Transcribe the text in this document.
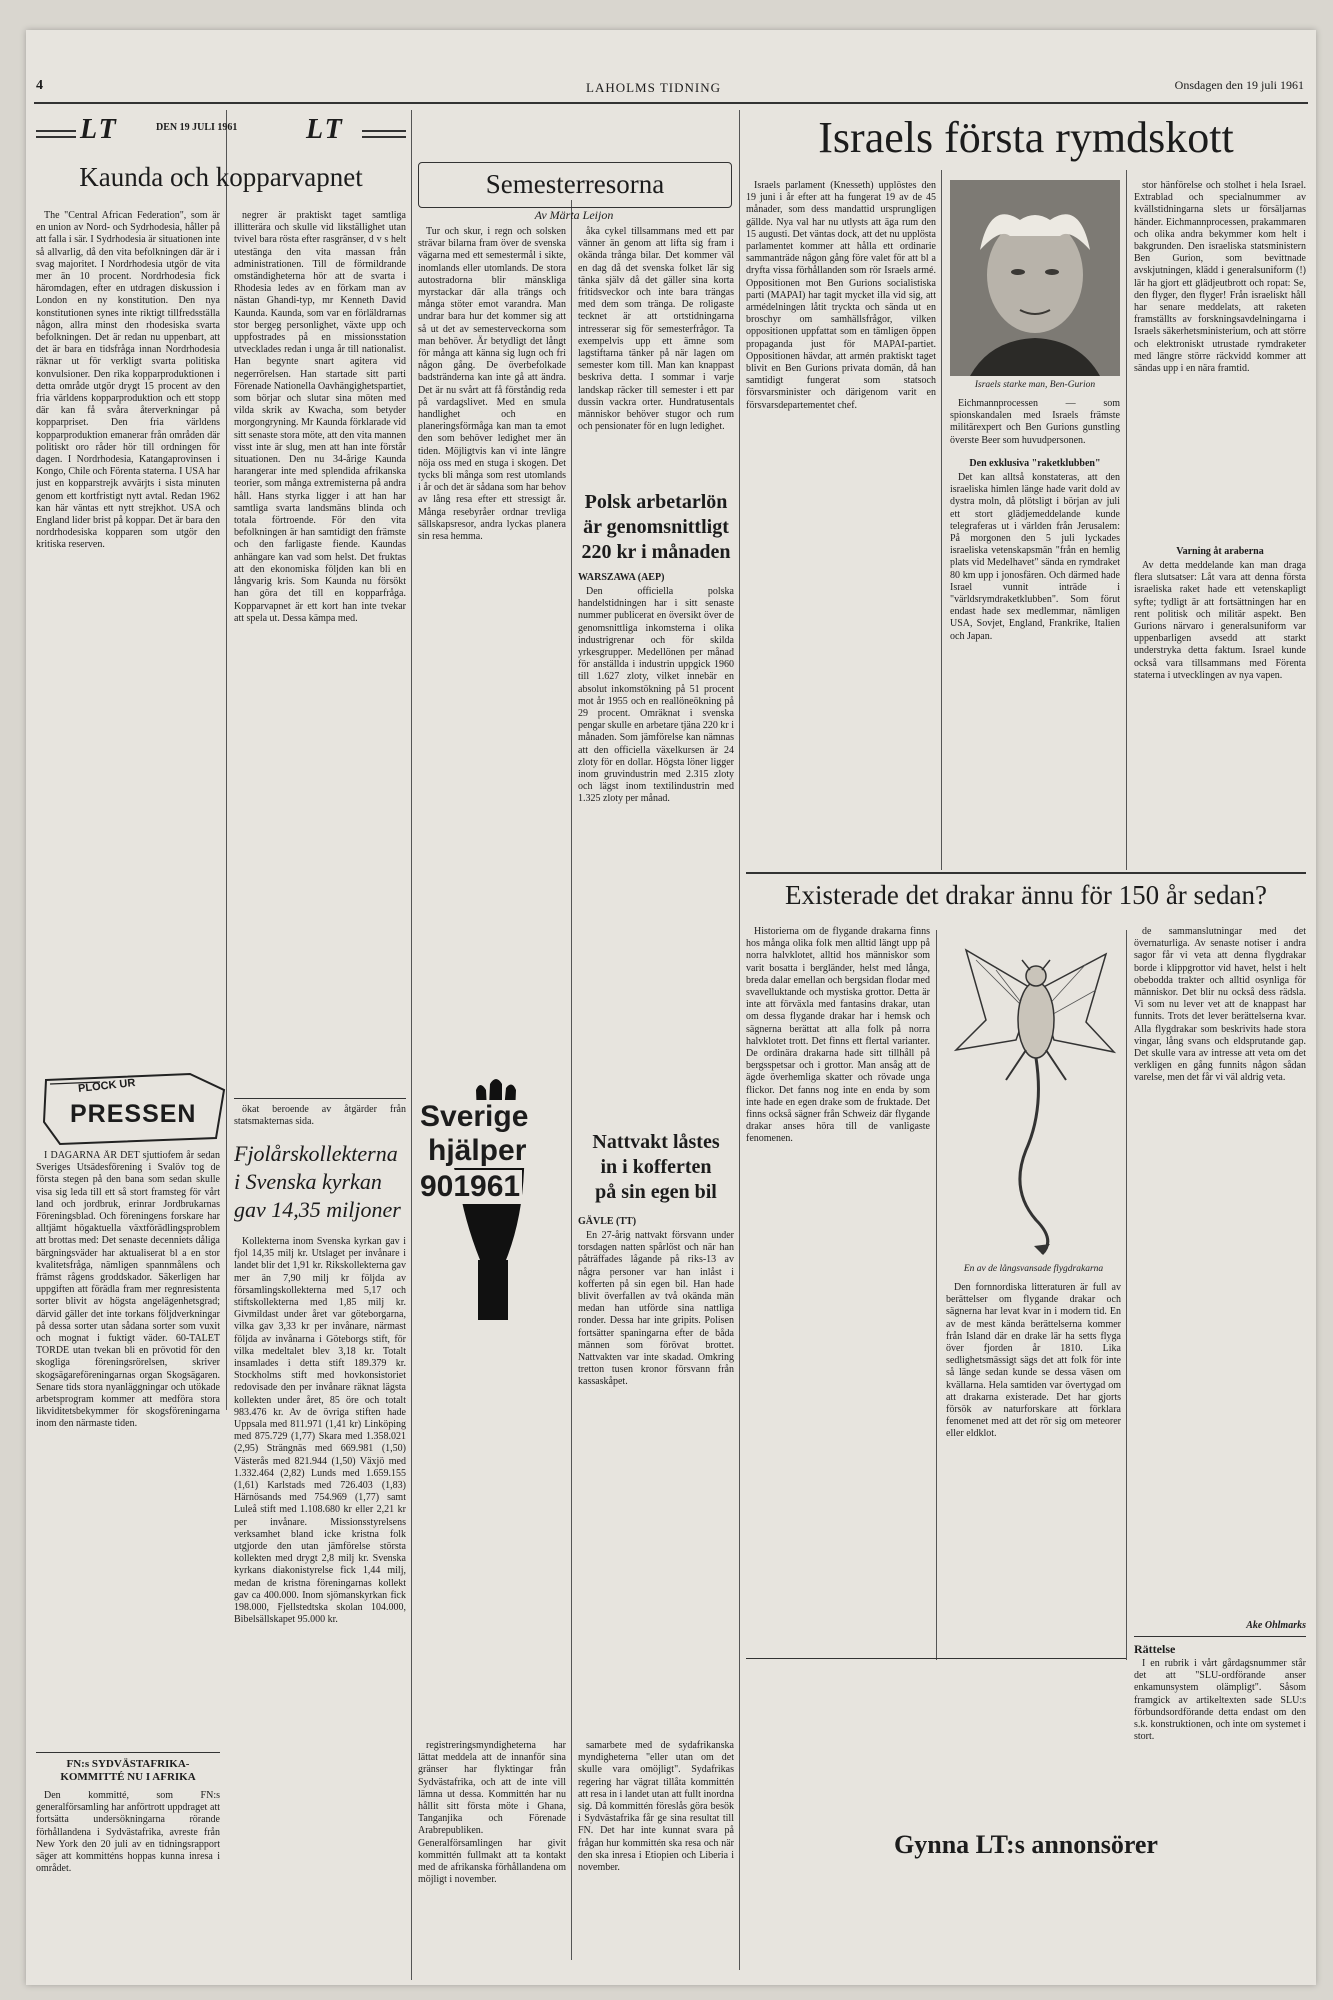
4	LAHOLMS TIDNING	Onsdagen den 19 juli 1961
LT	DEN 19 JULI 1961 LT
Kaunda och kopparvapnet

The "Central African Federation", som är en union av Nord- och Sydrhodesia, håller på att falla i sär. I Sydrhodesia är situationen inte så allvarlig, då den vita befolkningen där är i svag majoritet. I Nordrhodesia utgör de vita mer än 10 procent. Nordrhodesia fick häromdagen, efter en utdragen diskussion i London en ny konstitution. Den nya konstitutionen synes inte riktigt tillfredsställa någon, allra minst den rhodesiska svarta befolkningen. Det är redan nu uppenbart, att det är bara en tidsfråga innan Nordrhodesia räknar ut för verkligt svarta politiska konvulsioner. Den rika kopparproduktionen i detta område utgör drygt 15 procent av den fria världens kopparproduktion och ett stopp där kan få svåra återverkningar på kopparpriset. Den fria världens kopparproduktion emanerar från områden där politiskt oro råder hör till ordningen för dagen. I Nordrhodesia, Katangaprovinsen i Kongo, Chile och Förenta staterna. I USA har just en kopparstrejk avvärjts i sista minuten genom ett kortfristigt nytt avtal. Redan 1962 kan här väntas ett nytt strejkhot. USA och England lider brist på koppar. Det är bara den nordrhodesiska kopparen som utgör den kritiska reserven.

negrer är praktiskt taget samtliga illitterära och skulle vid likställighet utan tvivel bara rösta efter rasgränser, d v s helt utestänga den vita massan från administrationen. Till de förmildrande omständigheterna hör att de svarta i Rhodesia ledes av en förkam man av nästan Ghandi-typ, mr Kenneth David Kaunda. Kaunda, som var en förläldrarnas stor bergeg personlighet, växte upp och uppfostrades på en missionsstation utvecklades redan i unga år till nationalist. Han begynte snart agitera vid negerrörelsen. Han startade sitt parti Förenade Nationella Oavhängighetspartiet, som börjar och slutar sina möten med vilda skrik av Kwacha, som betyder morgongryning. Mr Kaunda förklarade vid sitt senaste stora möte, att den vita mannen visst inte är slug, men att han inte förstår situationen. Den nu 34-årige Kaunda harangerar inte med splendida afrikanska teorier, som många extremisterna på andra håll. Hans styrka ligger i att han har samtliga svarta landsmäns blinda och totala förtroende. För den vita befolkningen är han samtidigt den främste och den farligaste fiende. Kaundas anhängare kan vad som helst. Det fruktas att den ekonomiska följden kan bli en långvarig kris. Som Kaunda nu försökt han göra det till en kopparfråga. Kopparvapnet är ett kort han inte tvekar att spela ut. Dessa kämpa med.

PLOCK UR
PRESSEN

I DAGARNA ÄR DET sjuttiofem år sedan Sveriges Utsädesförening i Svalöv tog de första stegen på den bana som sedan skulle visa sig leda till ett så stort framsteg för vårt land och jordbruk, erinrar Jordbrukarnas Föreningsblad. Och föreningens forskare har alltjämt högaktuella växtförädlingsproblem att brottas med: Det senaste decenniets dåliga bärgningsväder har aktualiserat bl a en stor kvalitetsfråga, nämligen spannmålens och främst rågens groddskador. Säkerligen har uppgiften att förädla fram mer regnresistenta sorter blivit av högsta angelägenhetsgrad; därvid gäller det inte torkans följdverkningar på dessa sorter utan sådana sorter som vuxit och mognat i fuktigt väder. 60-TALET TORDE utan tvekan bli en prövotid för den skogliga föreningsrörelsen, skriver skogsägareföreningarnas organ Skogsägaren. Senare tids stora nyanläggningar och utökade arbetsprogram kommer att medföra stora likviditetsbekymmer för skogsföreningarna inom den närmaste tiden.

FN:s SYDVÄSTAFRIKA-KOMMITTÉ NU I AFRIKA

Den kommitté, som FN:s generalförsamling har anförtrott uppdraget att fortsätta undersökningarna rörande förhållandena i Sydvästafrika, avreste från New York den 20 juli av en tidningsrapport säger att kommitténs hoppas kunna inresa i området.

ökat beroende av åtgärder från statsmakternas sida.

Fjolårskollekterna
i Svenska kyrkan
gav 14,35 miljoner

Kollekterna inom Svenska kyrkan gav i fjol 14,35 milj kr. Utslaget per invånare i landet blir det 1,91 kr. Rikskollekterna gav mer än 7,90 milj kr följda av församlingskollekterna med 5,17 och stiftskollekterna med 1,85 milj kr. Givmildast under året var göteborgarna, vilka gav 3,33 kr per invånare, närmast följda av invånarna i Göteborgs stift, för vilka medeltalet blev 3,18 kr. Totalt insamlades i detta stift 189.379 kr. Stockholms stift med hovkonsistoriet redovisade den per invånare räknat lägsta kollekten under året, 85 öre och totalt 983.476 kr. Av de övriga stiften hade Uppsala med 811.971 (1,41 kr) Linköping med 875.729 (1,77) Skara med 1.358.021 (2,95) Strängnäs med 669.981 (1,50) Västerås med 821.944 (1,50) Växjö med 1.332.464 (2,82) Lunds med 1.659.155 (1,61) Karlstads med 726.403 (1,83) Härnösands med 754.969 (1,77) samt Luleå stift med 1.108.680 kr eller 2,21 kr per invånare. Missionsstyrelsens verksamhet bland icke kristna folk utgjorde den utan jämförelse största kollekten med drygt 2,8 milj kr. Svenska kyrkans diakonistyrelse fick 1,44 milj, medan de kristna föreningarnas kollekt gav ca 400.000. Inom sjömanskyrkan fick 198.000, Fjellstedtska skolan 104.000, Bibelsällskapet 95.000 kr.

Semesterresorna
Av Märta Leijon

Tur och skur, i regn och solsken strävar bilarna fram över de svenska vägarna med ett semestermål i sikte, inomlands eller utomlands. De stora autostradorna blir mänskliga myrstackar där alla trängs och många stöter emot varandra. Man undrar bara hur det kommer sig att så ut det av semesterveckorna som man behöver. Är betydligt det långt för många att känna sig lugn och fri någon gång. De överbefolkade badstränderna kan inte gå att ändra. Det är nu svårt att få förståndig reda på vardagslivet. Med en smula handlighet och en planeringsförmåga kan man ta emot den som behöver ledighet mer än tiden. Möjligtvis kan vi inte längre nöja oss med en stuga i skogen. Det tycks bli många som rest utomlands i år och det är sådana som har behov av lång resa efter ett stressigt år. Många resebyråer ordnar trevliga sällskapsresor, andra lyckas planera sin resa hemma.

åka cykel tillsammans med ett par vänner än genom att lifta sig fram i okända trånga bilar. Det kommer väl en dag då det svenska folket lär sig tänka själv då det gäller sina korta fritidsveckor och inte bara trängas med dem som tränga. De roligaste tecknet är att ortstidningarna intresserar sig för semesterfrågor. Ta exempelvis upp ett ämne som lagstiftarna tänker på när lagen om semester kom till. Man kan knappast beskriva detta. I sommar i varje landskap räcker till semester i ett par dussin vackra orter. Hundratusentals människor behöver stugor och rum och pensionater för en lugn ledighet.

Sverige
hjälper
901961

registreringsmyndigheterna har lättat meddela att de innanför sina gränser har flyktingar från Sydvästafrika, och att de inte vill lämna ut dessa. Kommittén har nu hållit sitt första möte i Ghana, Tanganjika och Förenade Arabrepubliken. Generalförsamlingen har givit kommittén fullmakt att ta kontakt med de afrikanska förhållandena om möjligt i november.

Polsk arbetarlön
är genomsnittligt
220 kr i månaden
WARSZAWA (AEP)

Den officiella polska handelstidningen har i sitt senaste nummer publicerat en översikt över de genomsnittliga inkomsterna i olika industrigrenar och för skilda yrkesgrupper. Medellönen per månad för anställda i industrin uppgick 1960 till 1.627 zloty, vilket innebär en absolut inkomstökning på 51 procent mot år 1955 och en reallöneökning på 29 procent. Omräknat i svenska pengar skulle en arbetare tjäna 220 kr i månaden. Som jämförelse kan nämnas att den officiella växelkursen är 24 zloty för en dollar. Högsta löner ligger inom gruvindustrin med 2.315 zloty och lägst inom textilindustrin med 1.325 zloty per månad.

Nattvakt låstes
in i kofferten
på sin egen bil
GÄVLE (TT)

En 27-årig nattvakt försvann under torsdagen natten spårlöst och när han påträffades lågande på riks-13 av några personer var han inlåst i kofferten på sin egen bil. Han hade blivit överfallen av två okända män medan han utförde sina nattliga ronder. Dessa har inte gripits. Polisen fortsätter spaningarna efter de båda männen som förövat brottet. Nattvakten var inte skadad. Omkring tretton tusen kronor försvann från kassaskåpet.

samarbete med de sydafrikanska myndigheterna "eller utan om det skulle vara omöjligt". Sydafrikas regering har vägrat tillåta kommittén att resa in i landet utan att fullt inordna sig. Då kommittén föreslås göra besök i Sydvästafrika får ge sina resultat till FN. Det har inte kunnat svara på frågan hur kommittén ska resa och när den ska inresa i Etiopien och Liberia i november.

Israels första rymdskott

Israels parlament (Knesseth) upplöstes den 19 juni i år efter att ha fungerat 19 av de 45 månader, som dess mandattid ursprungligen gällde. Nya val har nu utlysts att äga rum den 15 augusti. Det väntas dock, att det nu upplösta parlamentet kommer att hålla ett ordinarie sammanträde någon gång före valet för att bl a dryfta vissa förhållanden som rör Israels armé. Oppositionen mot Ben Gurions socialistiska parti (MAPAI) har tagit mycket illa vid sig, att armédelningen låtit tryckta och sända ut en broschyr om samhällsfrågor, vilken oppositionen uppfattat som en tämligen öppen propaganda just för MAPAI-partiet. Oppositionen hävdar, att armén praktiskt taget blivit en Ben Gurions privata domän, då han samtidigt fungerat som statsoch försvarsminister och därigenom varit en försvarsdepartementet chef.

Israels starke man, Ben-Gurion

Eichmannprocessen — som spionskandalen med Israels främste militärexpert och Ben Gurions gunstling överste Beer som huvudpersonen.

Den exklusiva "raketklubben"

Det kan alltså konstateras, att den israeliska himlen länge hade varit dold av dystra moln, då plötsligt i början av juli ett stort glädjemeddelande kunde telegraferas ut i världen från Jerusalem: På morgonen den 5 juli lyckades israeliska vetenskapsmän "från en hemlig plats vid Medelhavet" sända en rymdraket 80 km upp i jonosfären. Och därmed hade Israel vunnit inträde i "världsrymdraketklubben". Som förut endast hade sex medlemmar, nämligen USA, Sovjet, England, Frankrike, Italien och Japan.

stor hänförelse och stolhet i hela Israel. Extrablad och specialnummer av kvällstidningarna slets ur försäljarnas händer. Eichmannprocessen, prakammaren och olika andra bekymmer kom helt i bakgrunden. Den israeliska statsministern Ben Gurion, som bevittnade avskjutningen, klädd i generalsuniform (!) lär ha gjort ett glädjeutbrott och ropat: Se, den flyger, den flyger! Från israeliskt håll har senare meddelats, att raketen framställts av forskningsavdelningarna i Israels säkerhetsministerium, och att större och elektroniskt utrustade rymdraketer med längre större räckvidd kommer att sändas upp i en nära framtid.

Varning åt araberna

Av detta meddelande kan man draga flera slutsatser: Låt vara att denna första israeliska raket hade ett vetenskapligt syfte; tydligt är att fortsättningen har en rent politisk och militär aspekt. Ben Gurions närvaro i generalsuniform var uppenbarligen avsedd att starkt understryka detta faktum. Israel kunde också vara tillsammans med Förenta staterna i utvecklingen av nya vapen.

Existerade det drakar ännu för 150 år sedan?

Historierna om de flygande drakarna finns hos många olika folk men alltid längt upp på norra halvklotet, alltid hos människor som varit bosatta i bergländer, helst med långa, breda dalar emellan och bergsidan flodar med svavelluktande och mystiska grottor. Detta är inte att förväxla med fantasins drakar, utan om dessa flygande drakar har i hemsk och sägnerna berättat att alla folk på norra halvklotet trott. Det finns ett flertal varianter. De ordinära drakarna hade sitt tillhåll på bergsspetsar och i grottor. Man ansåg att de ägde överhemliga skatter och rövade unga flickor. Det fanns nog inte en enda by som inte hade en egen drake som de fruktade. Det finns också sägner från Schweiz där flygande drakar anses höra till de vanligaste fenomenen.

En av de långsvansade flygdrakarna

Den fornnordiska litteraturen är full av berättelser om flygande drakar och sägnerna har levat kvar in i modern tid. En av de mest kända berättelserna kommer från Island där en drake lär ha setts flyga över fjorden år 1810. Lika sedlighetsmässigt sägs det att folk för inte så länge sedan kunde se dessa väsen om kvällarna. Hela samtiden var övertygad om att drakarna existerade. Det har gjorts försök av naturforskare att förklara fenomenet med att det rör sig om meteorer eller eldklot.

de sammanslutningar med det övernaturliga. Av senaste notiser i andra sagor får vi veta att denna flygdrakar borde i klippgrottor vid havet, helst i helt obebodda trakter och alltid osynliga för människor. Det blir nu också dess rädsla. Vi som nu lever vet att de knappast har funnits. Trots det lever berättelserna kvar. Alla flygdrakar som beskrivits hade stora vingar, lång svans och eldsprutande gap. Det skulle vara av intresse att veta om det verkligen en gång funnits någon sådan varelse, men det får vi väl aldrig veta.

Ake Ohlmarks
Rättelse

I en rubrik i vårt gårdagsnummer står det att "SLU-ordförande anser enkamunsystem olämpligt". Såsom framgick av artikeltexten sade SLU:s förbundsordförande detta endast om den s.k. konstruktionen, och inte om systemet i stort.

Gynna LT:s annonsörer
